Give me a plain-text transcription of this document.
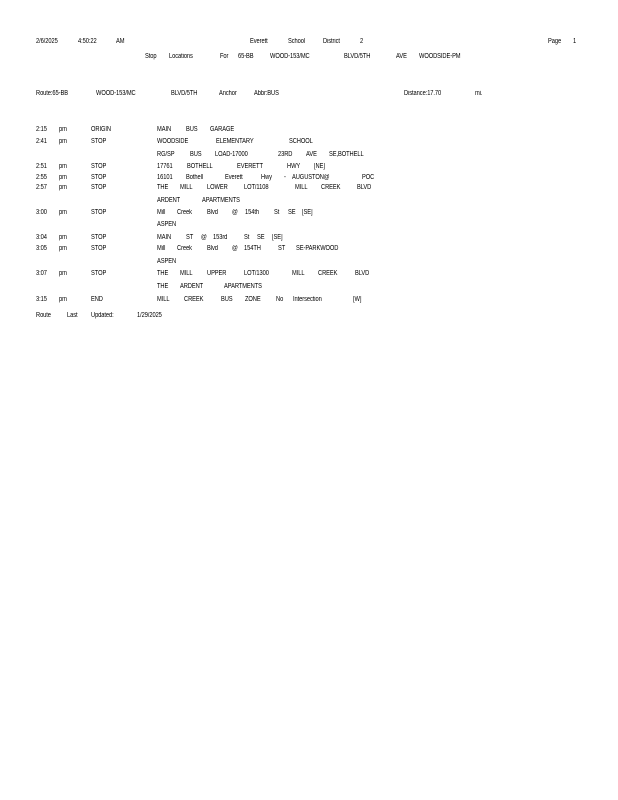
2/6/2025	4:50:22	AM	Everett	School	District	2	Page 1
Stop Locations	For 65-BB WOOD-153/MC	BLVD/5TH	AVE WOODSIDE-PM
Route:65-BB	WOOD-153/MC	BLVD/5TH	Anchor Abbr:BUS	Distance:17.70	mi.
2:15 pm	ORIGIN	MAIN BUS GARAGE
2:41 pm	STOP	WOODSIDE	ELEMENTARY	SCHOOL
RG/SP BUS LOAD-17000	23RD AVE SE,BOTHELL
2:51 pm	STOP	17761 BOTHELL	EVERETT	HWY [NE]
2:55 pm	STOP	16101 Bothell	Everett	Hwy - AUGUSTON@	POC
2:57 pm	STOP	THE MILL LOWER LOT/1108	MILL CREEK BLVD
ARDENT	APARTMENTS
3:00 pm	STOP	Mill Creek Blvd @ 154th St SE [SE]
ASPEN
3:04 pm	STOP	MAIN ST @ 153rd St SE [SE]
3:05 pm	STOP	Mill Creek Blvd @ 154TH ST SE-PARKWOOD
ASPEN
3:07 pm	STOP	THE MILL UPPER	LOT/1300	MILL CREEK	BLVD
THE ARDENT	APARTMENTS
3:15 pm	END	MILL CREEK	BUS ZONE No Intersection	[W]
Route Last Updated:	1/29/2025
